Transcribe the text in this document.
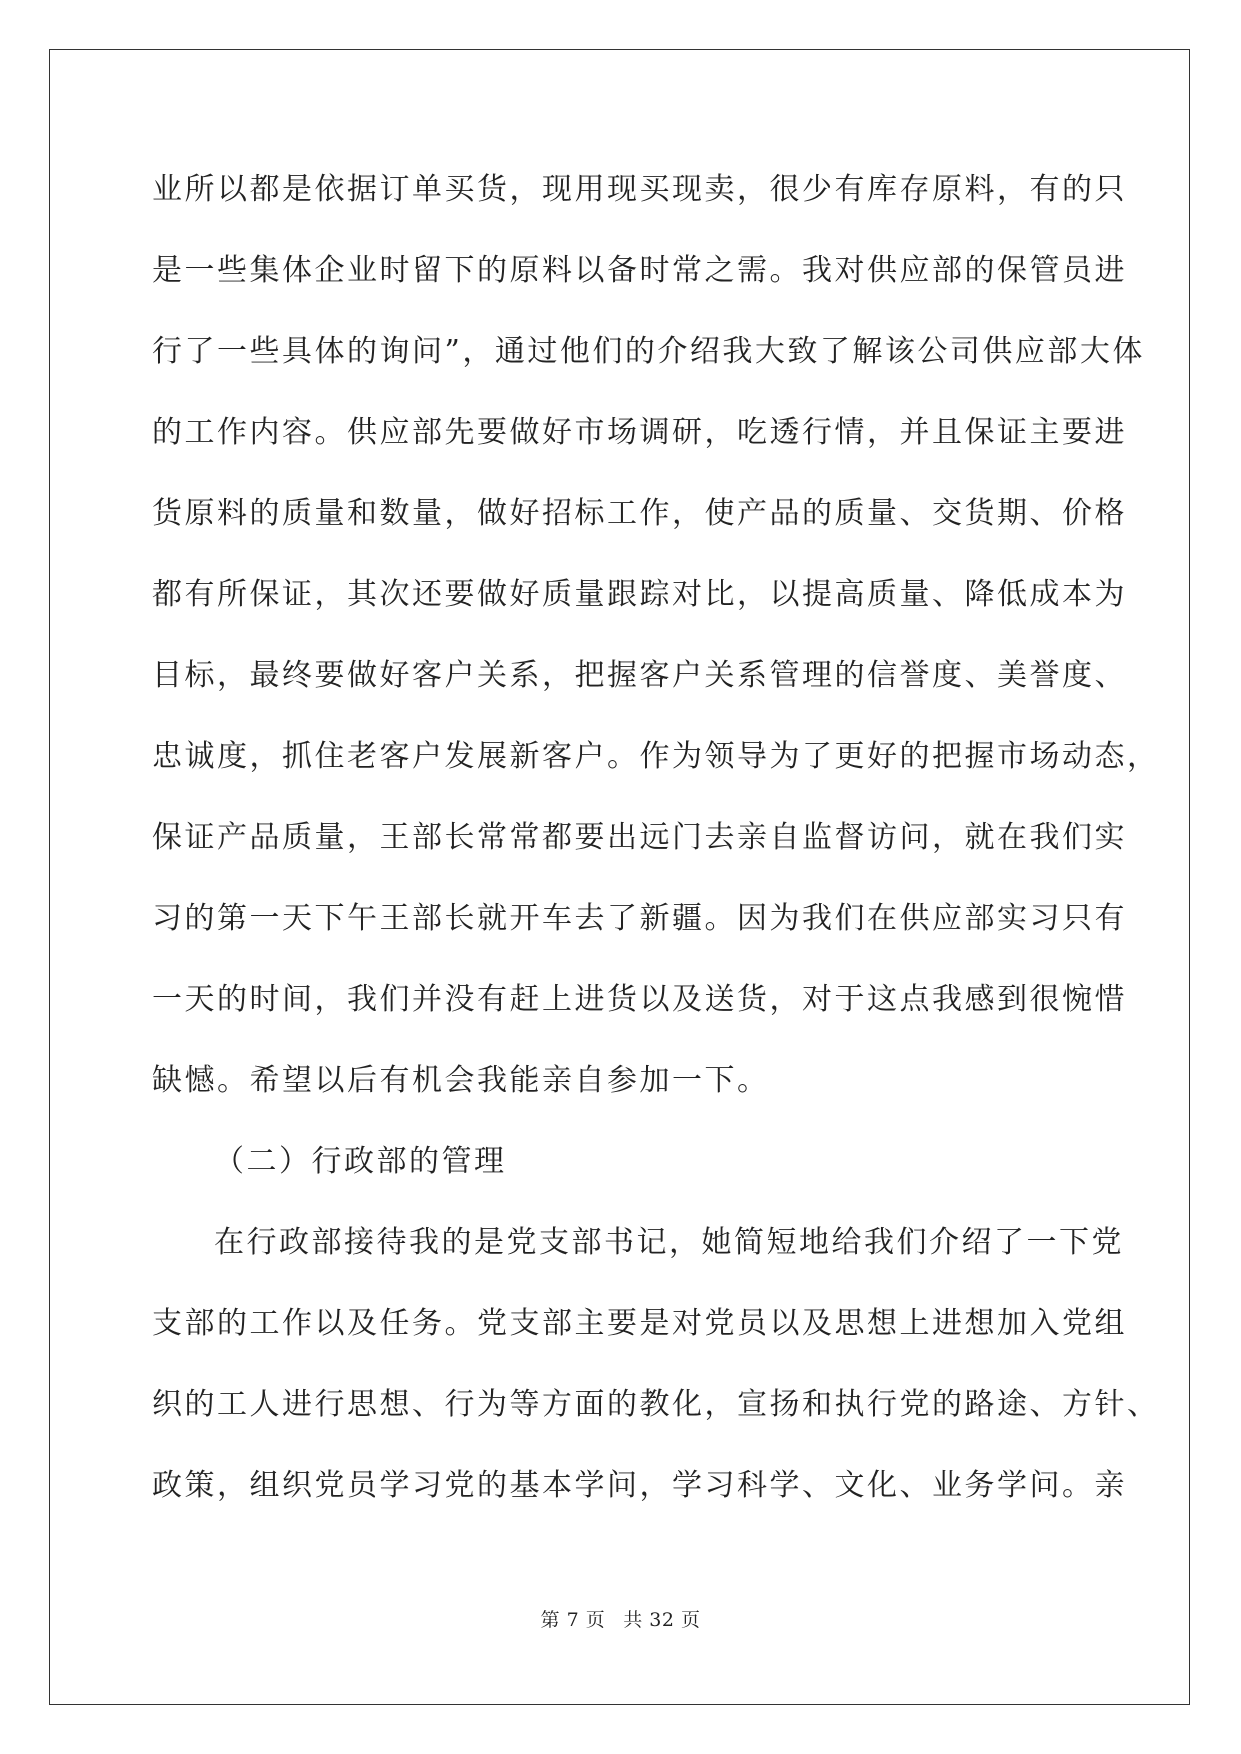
业所以都是依据订单买货，现用现买现卖，很少有库存原料，有的只
是一些集体企业时留下的原料以备时常之需。我对供应部的保管员进
行了一些具体的询问”，通过他们的介绍我大致了解该公司供应部大体
的工作内容。供应部先要做好市场调研，吃透行情，并且保证主要进
货原料的质量和数量，做好招标工作，使产品的质量、交货期、价格
都有所保证，其次还要做好质量跟踪对比，以提高质量、降低成本为
目标，最终要做好客户关系，把握客户关系管理的信誉度、美誉度、
忠诚度，抓住老客户发展新客户。作为领导为了更好的把握市场动态，
保证产品质量，王部长常常都要出远门去亲自监督访问，就在我们实
习的第一天下午王部长就开车去了新疆。因为我们在供应部实习只有
一天的时间，我们并没有赶上进货以及送货，对于这点我感到很惋惜
缺憾。希望以后有机会我能亲自参加一下。
（二）行政部的管理
在行政部接待我的是党支部书记，她简短地给我们介绍了一下党
支部的工作以及任务。党支部主要是对党员以及思想上进想加入党组
织的工人进行思想、行为等方面的教化，宣扬和执行党的路途、方针、
政策，组织党员学习党的基本学问，学习科学、文化、业务学问。亲
第 7 页 共 32 页
